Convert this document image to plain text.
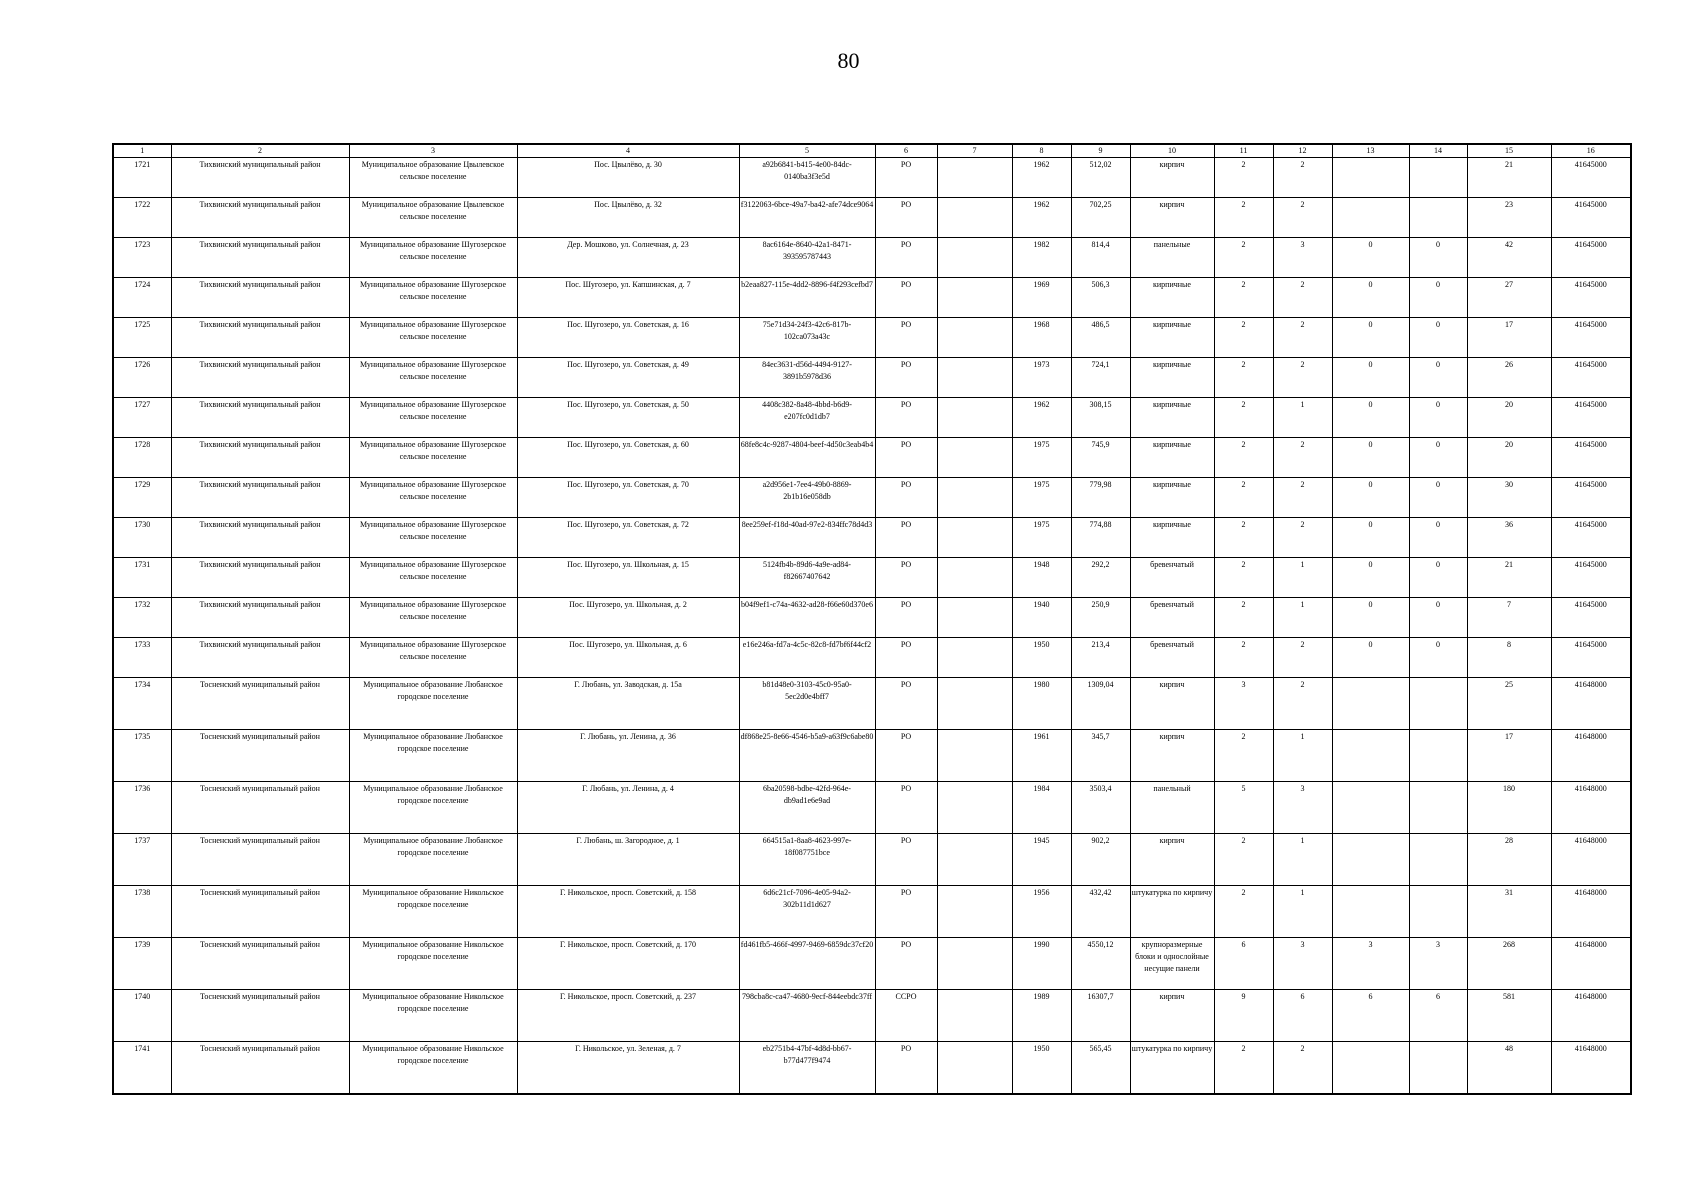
80
1	2	3	4	5	6	7	8	9	10	11	12	13	14	15	16
1721	Тихвинский муниципальный район	Муниципальное образование Цвылевское сельское поселение	Пос. Цвылёво, д. 30	a92b6841-b415-4e00-84dc-0140ba3f3e5d	РО		1962	512,02	кирпич	2	2			21	41645000
1722	Тихвинский муниципальный район	Муниципальное образование Цвылевское сельское поселение	Пос. Цвылёво, д. 32	f3122063-6bce-49a7-ba42-afe74dce9064	РО		1962	702,25	кирпич	2	2			23	41645000
1723	Тихвинский муниципальный район	Муниципальное образование Шугозерское сельское поселение	Дер. Мошково, ул. Солнечная, д. 23	8ac6164e-8640-42a1-8471-393595787443	РО		1982	814,4	панельные	2	3	0	0	42	41645000
1724	Тихвинский муниципальный район	Муниципальное образование Шугозерское сельское поселение	Пос. Шугозеро, ул. Капшинская, д. 7	b2eaa827-115e-4dd2-8896-f4f293cefbd7	РО		1969	506,3	кирпичные	2	2	0	0	27	41645000
1725	Тихвинский муниципальный район	Муниципальное образование Шугозерское сельское поселение	Пос. Шугозеро, ул. Советская, д. 16	75e71d34-24f3-42c6-817b-102ca073a43c	РО		1968	486,5	кирпичные	2	2	0	0	17	41645000
1726	Тихвинский муниципальный район	Муниципальное образование Шугозерское сельское поселение	Пос. Шугозеро, ул. Советская, д. 49	84ec3631-d56d-4494-9127-3891b5978d36	РО		1973	724,1	кирпичные	2	2	0	0	26	41645000
1727	Тихвинский муниципальный район	Муниципальное образование Шугозерское сельское поселение	Пос. Шугозеро, ул. Советская, д. 50	4408c382-8a48-4bbd-b6d9-e207fc0d1db7	РО		1962	308,15	кирпичные	2	1	0	0	20	41645000
1728	Тихвинский муниципальный район	Муниципальное образование Шугозерское сельское поселение	Пос. Шугозеро, ул. Советская, д. 60	68fe8c4c-9287-4804-beef-4d50c3eab4b4	РО		1975	745,9	кирпичные	2	2	0	0	20	41645000
1729	Тихвинский муниципальный район	Муниципальное образование Шугозерское сельское поселение	Пос. Шугозеро, ул. Советская, д. 70	a2d956e1-7ee4-49b0-8869-2b1b16e058db	РО		1975	779,98	кирпичные	2	2	0	0	30	41645000
1730	Тихвинский муниципальный район	Муниципальное образование Шугозерское сельское поселение	Пос. Шугозеро, ул. Советская, д. 72	8ee259ef-f18d-40ad-97e2-834ffc78d4d3	РО		1975	774,88	кирпичные	2	2	0	0	36	41645000
1731	Тихвинский муниципальный район	Муниципальное образование Шугозерское сельское поселение	Пос. Шугозеро, ул. Школьная, д. 15	5124fb4b-89d6-4a9e-ad84-f82667407642	РО		1948	292,2	бревенчатый	2	1	0	0	21	41645000
1732	Тихвинский муниципальный район	Муниципальное образование Шугозерское сельское поселение	Пос. Шугозеро, ул. Школьная, д. 2	b04f9ef1-c74a-4632-ad28-f66e60d370e6	РО		1940	250,9	бревенчатый	2	1	0	0	7	41645000
1733	Тихвинский муниципальный район	Муниципальное образование Шугозерское сельское поселение	Пос. Шугозеро, ул. Школьная, д. 6	e16e246a-fd7a-4c5c-82c8-fd7bf6f44cf2	РО		1950	213,4	бревенчатый	2	2	0	0	8	41645000
1734	Тосненский муниципальный район	Муниципальное образование Любанское городское поселение	Г. Любань, ул. Заводская, д. 15а	b81d48e0-3103-45c0-95a0-5ec2d0e4bff7	РО		1980	1309,04	кирпич	3	2			25	41648000
1735	Тосненский муниципальный район	Муниципальное образование Любанское городское поселение	Г. Любань, ул. Ленина, д. 36	df868e25-8e66-4546-b5a9-a63f9c6abe80	РО		1961	345,7	кирпич	2	1			17	41648000
1736	Тосненский муниципальный район	Муниципальное образование Любанское городское поселение	Г. Любань, ул. Ленина, д. 4	6ba20598-bdbe-42fd-964e-db9ad1e6e9ad	РО		1984	3503,4	панельный	5	3			180	41648000
1737	Тосненский муниципальный район	Муниципальное образование Любанское городское поселение	Г. Любань, ш. Загородное, д. 1	664515a1-8aa8-4623-997e-18f087751bce	РО		1945	902,2	кирпич	2	1			28	41648000
1738	Тосненский муниципальный район	Муниципальное образование Никольское городское поселение	Г. Никольское, просп. Советский, д. 158	6d6c21cf-7096-4e05-94a2-302b11d1d627	РО		1956	432,42	штукатурка по кирпичу	2	1			31	41648000
1739	Тосненский муниципальный район	Муниципальное образование Никольское городское поселение	Г. Никольское, просп. Советский, д. 170	fd461fb5-466f-4997-9469-6859dc37cf20	РО		1990	4550,12	крупноразмерные блоки и однослойные несущие панели	6	3	3	3	268	41648000
1740	Тосненский муниципальный район	Муниципальное образование Никольское городское поселение	Г. Никольское, просп. Советский, д. 237	798cba8c-ca47-4680-9ecf-844eebdc37ff	ССРО		1989	16307,7	кирпич	9	6	6	6	581	41648000
1741	Тосненский муниципальный район	Муниципальное образование Никольское городское поселение	Г. Никольское, ул. Зеленая, д. 7	eb2751b4-47bf-4d8d-bb67-b77d477f9474	РО		1950	565,45	штукатурка по кирпичу	2	2			48	41648000
